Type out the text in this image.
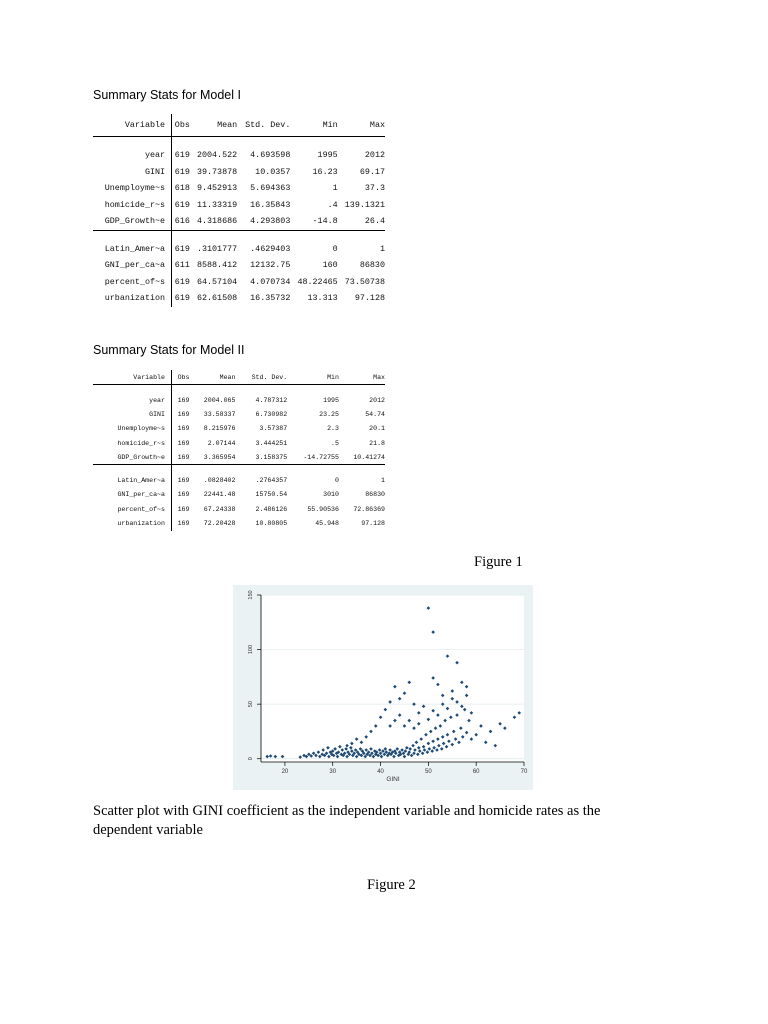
Summary Stats for Model I
Variable	Obs	Mean	Std. Dev.	Min	Max

year	619	2004.522	4.693598	1995	2012
GINI	619	39.73878	10.0357	16.23	69.17
Unemployme~s	618	9.452913	5.694363	1	37.3
homicide_r~s	619	11.33319	16.35843	.4	139.1321
GDP_Growth~e	616	4.318686	4.293803	-14.8	26.4

Latin_Amer~a	619	.3101777	.4629403	0	1
GNI_per_ca~a	611	8588.412	12132.75	160	86830
percent_of~s	619	64.57104	4.070734	48.22465	73.50738
urbanization	619	62.61508	16.35732	13.313	97.128
Summary Stats for Model II
Variable	Obs	Mean	Std. Dev.	Min	Max

year	169	2004.065	4.787312	1995	2012
GINI	169	33.58337	6.730982	23.25	54.74
Unemployme~s	169	8.215976	3.57387	2.3	20.1
homicide_r~s	169	2.07144	3.444251	.5	21.8
GDP_Growth~e	169	3.365954	3.158375	-14.72755	10.41274

Latin_Amer~a	169	.0828402	.2764357	0	1
GNI_per_ca~a	169	22441.48	15750.54	3010	86830
percent_of~s	169	67.24338	2.486126	55.90536	72.86369
urbanization	169	72.20428	10.80805	45.948	97.128
Figure 1
0
50
100
150
20	30	40	50	60	70
GINI
Scatter plot with GINI coefficient as the independent variable and homicide rates as the dependent variable
Figure 2
